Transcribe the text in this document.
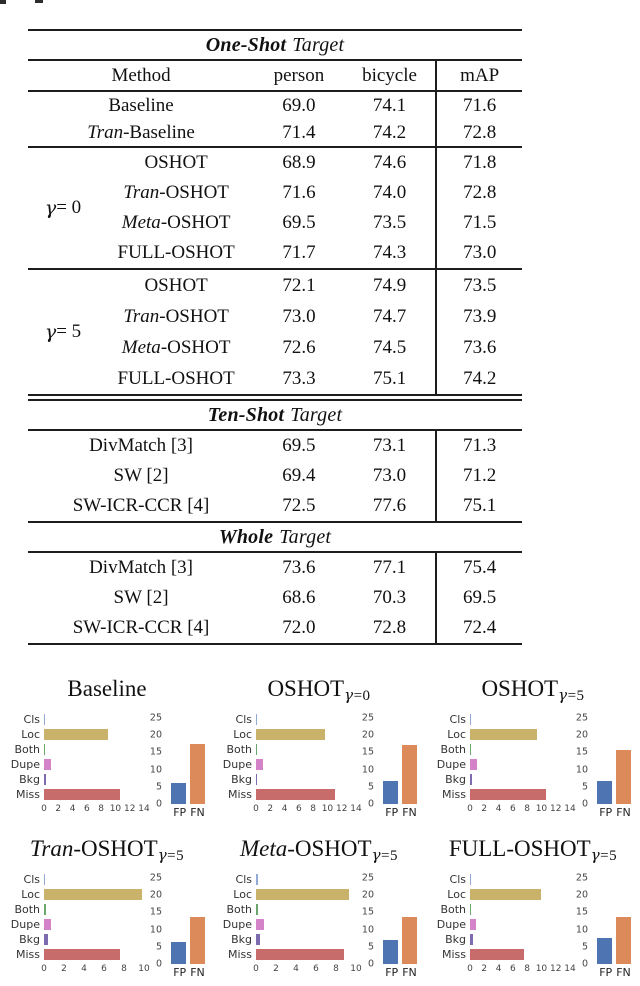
One-Shot Target
Method	person	bicycle	mAP
Baseline	69.0	74.1	71.6
Tran -Baseline	71.4	74.2	72.8
γ = 0
OSHOT	68.9	74.6	71.8
Tran -OSHOT	71.6	74.0	72.8
Meta -OSHOT	69.5	73.5	71.5
FULL-OSHOT	71.7	74.3	73.0
γ = 5
OSHOT	72.1	74.9	73.5
Tran -OSHOT	73.0	74.7	73.9
Meta -OSHOT	72.6	74.5	73.6
FULL-OSHOT	73.3	75.1	74.2
Ten-Shot Target
DivMatch [3]	69.5	73.1	71.3
SW [2]	69.4	73.0	71.2
SW-ICR-CCR [4]	72.5	77.6	75.1
Whole Target
DivMatch [3]	73.6	77.1	75.4
SW [2]	68.6	70.3	69.5
SW-ICR-CCR [4]	72.0	72.8	72.4
Baseline
Cls
Loc
Both
Dupe
Bkg
Miss
0 2 4 6 8 10 12 14 0
5
10
15
20
25
FP FN
OSHOTγ=0
Cls
Loc
Both
Dupe
Bkg
Miss
0 2 4 6 8 10 12 14 0
5
10
15
20
25
FP FN
OSHOTγ=5
Cls
Loc
Both
Dupe
Bkg
Miss
0 2 4 6 8 10 12 14 0
5
10
15
20
25
FP FN
Tran-OSHOTγ=5
Cls
Loc
Both
Dupe
Bkg
Miss
0 2 4 6 8 10 0
5
10
15
20
25
FP FN
Meta-OSHOTγ=5
Cls
Loc
Both
Dupe
Bkg
Miss
0 2 4 6 8 10 0
5
10
15
20
25
FP FN
FULL-OSHOTγ=5
Cls
Loc
Both
Dupe
Bkg
Miss
0 2 4 6 8 10 12 14 0
5
10
15
20
25
FP FN
